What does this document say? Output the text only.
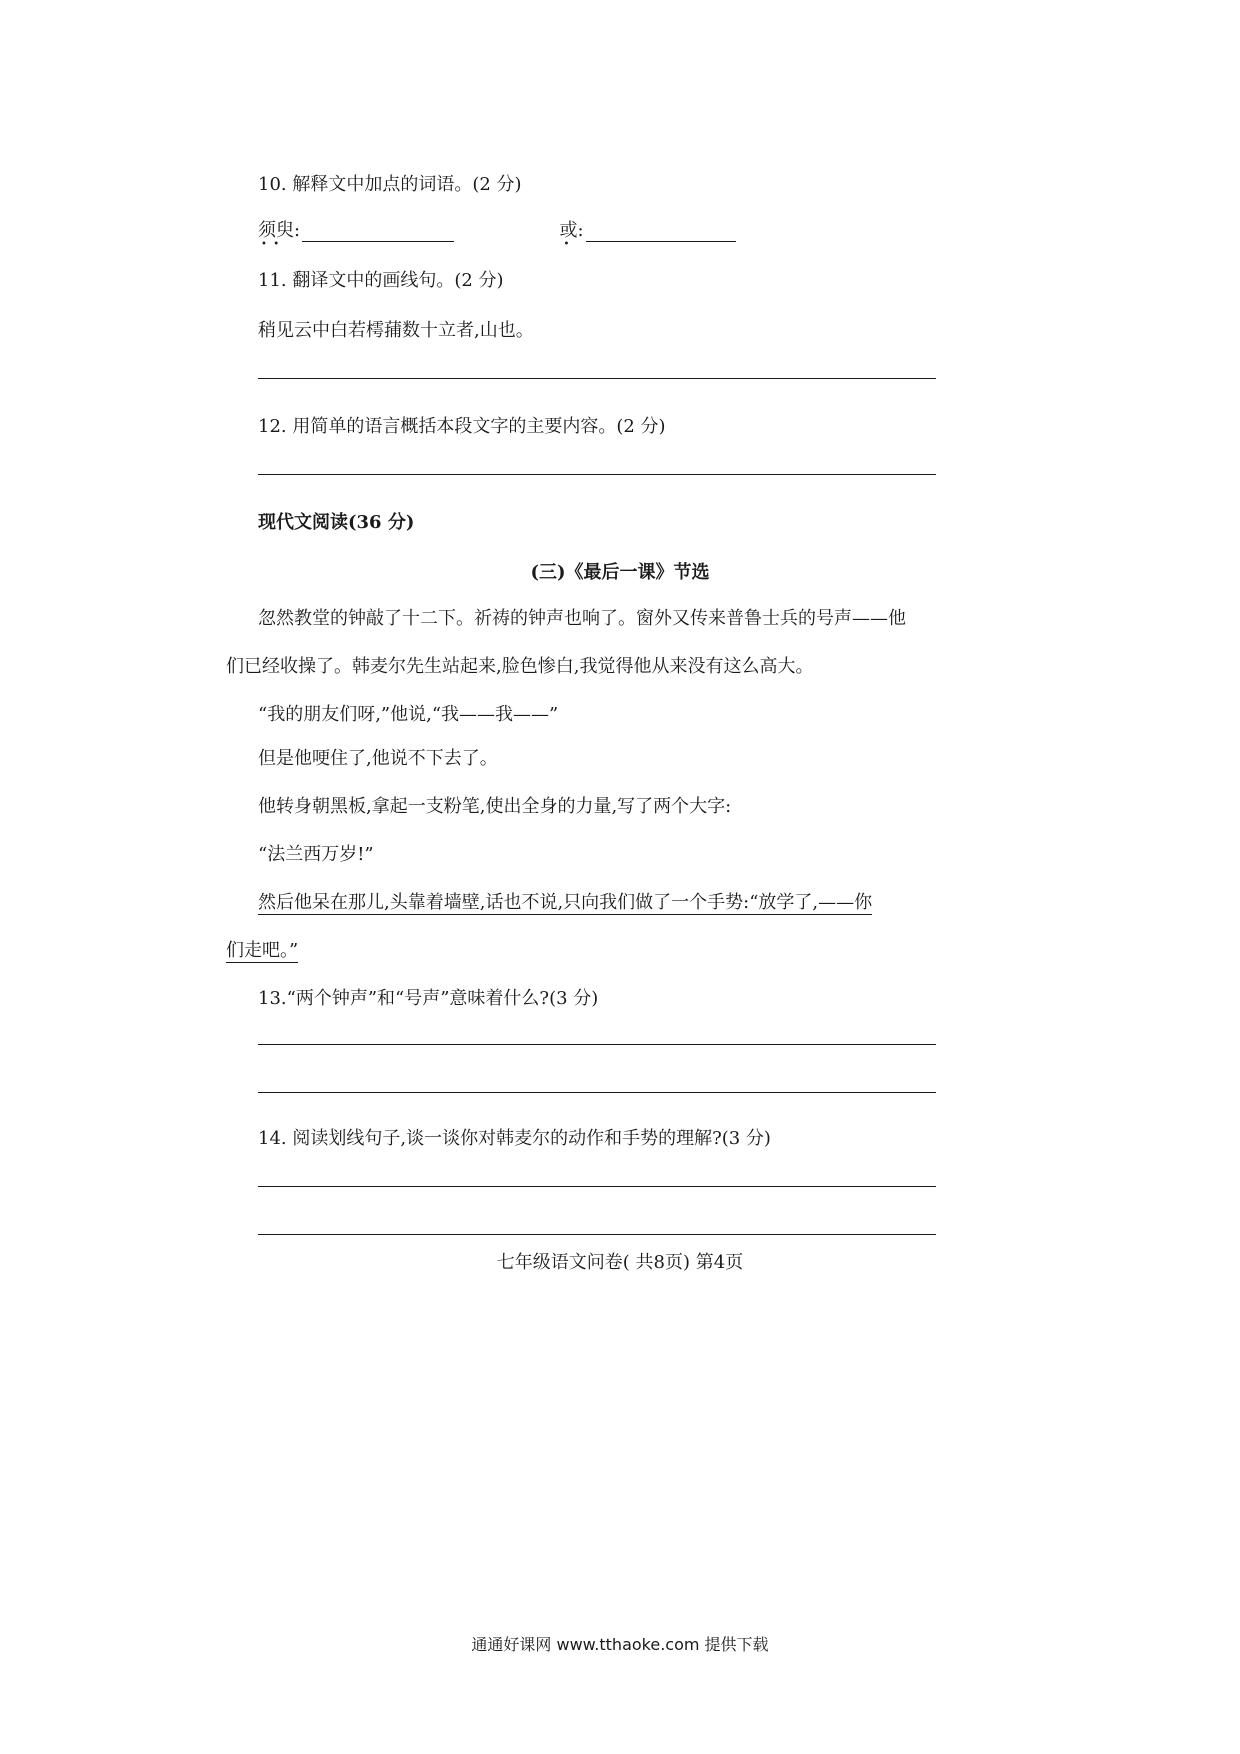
10. 解释文中加点的词语。(2 分)
须臾
•  •
:	或
•
:
11. 翻译文中的画线句。(2 分)
稍见云中白若樗蒱数十立者,山也。
12. 用简单的语言概括本段文字的主要内容。(2 分)
现代文阅读(36 分)
(三)《最后一课》节选
忽然教堂的钟敲了十二下。祈祷的钟声也响了。窗外又传来普鲁士兵的号声——他
们已经收操了。韩麦尔先生站起来,脸色惨白,我觉得他从来没有这么高大。
“我的朋友们呀,”他说,“我——我——”
但是他哽住了,他说不下去了。
他转身朝黑板,拿起一支粉笔,使出全身的力量,写了两个大字:
“法兰西万岁!”
然后他呆在那儿,头靠着墙壁,话也不说,只向我们做了一个手势:“放学了,——你
们走吧。”
13.“两个钟声”和“号声”意味着什么?(3 分)
14. 阅读划线句子,谈一谈你对韩麦尔的动作和手势的理解?(3 分)
七年级语文问卷( 共8页) 第4页
通通好课网 www.tthaoke.com 提供下载
